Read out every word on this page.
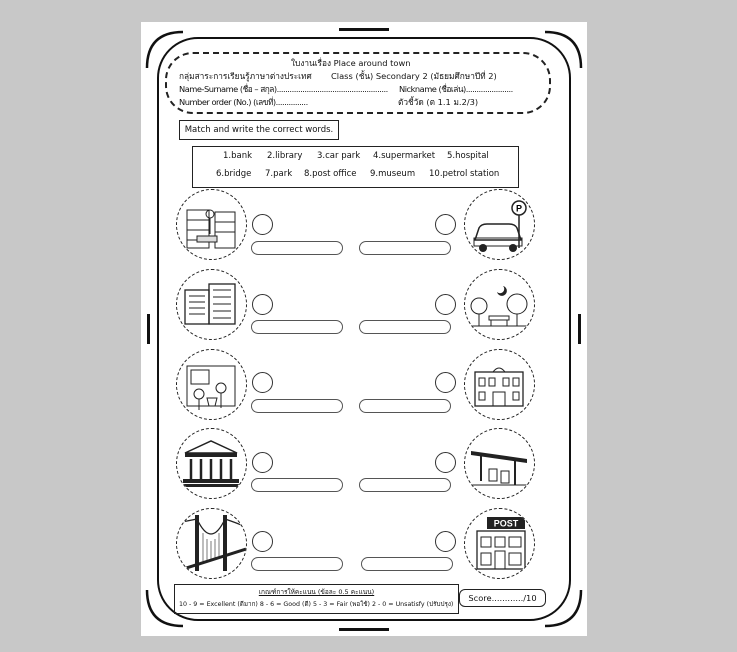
ใบงานเรื่อง Place around town
กลุ่มสาระการเรียนรู้ภาษาต่างประเทศ Class (ชั้น) Secondary 2 (มัธยมศึกษาปีที่ 2)
Name-Surname (ชื่อ – สกุล).................................................... Nickname (ชื่อเล่น)......................
Number order (No.) (เลขที่)...............	ตัวชี้วัด (ต 1.1 ม.2/3)
Match and write the correct words.
1.bank 2.library 3.car park 4.supermarket 5.hospital
6.bridge 7.park 8.post office 9.museum 10.petrol station
P
POST
เกณฑ์การให้คะแนน (ข้อละ 0.5 คะแนน)
10 - 9 = Excellent (ดีมาก) 8 - 6 = Good (ดี) 5 - 3 = Fair (พอใช้) 2 - 0 = Unsatisfy (ปรับปรุง)
Score............/10
